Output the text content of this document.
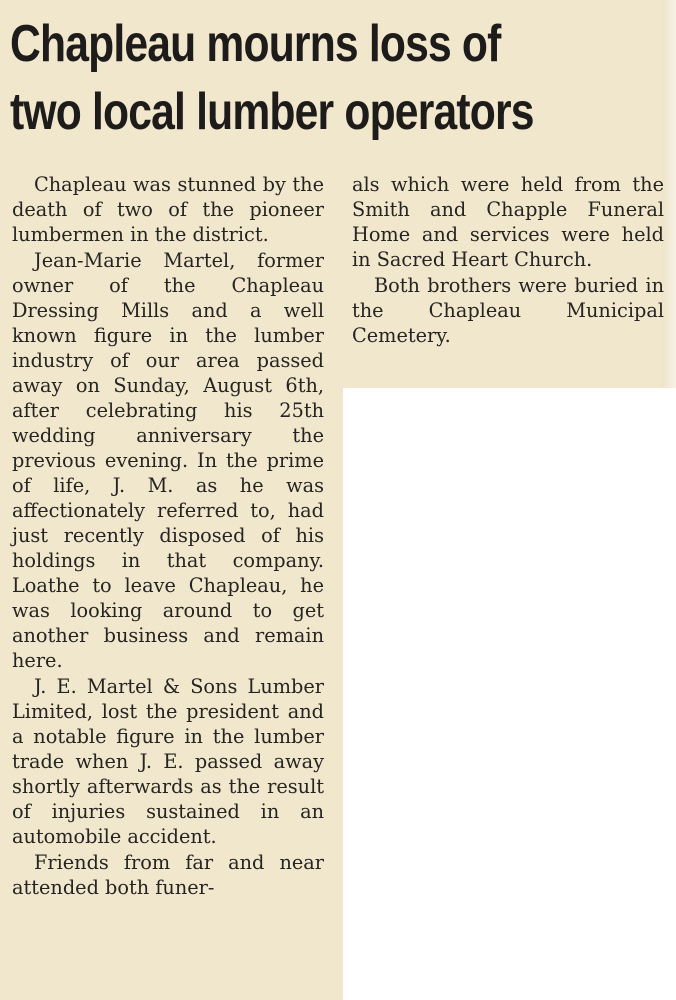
Chapleau mourns loss of
two local lumber operators

Chapleau was stunned by the death of two of the pioneer lumbermen in the district.

Jean-Marie Martel, former owner of the Chapleau Dressing Mills and a well known figure in the lumber industry of our area passed away on Sunday, August 6th, after celebrating his 25th wedding anniversary the previous evening. In the prime of life, J. M. as he was affectionately referred to, had just recently disposed of his holdings in that company. Loathe to leave Chapleau, he was looking around to get another business and remain here.

J. E. Martel & Sons Lumber Limited, lost the president and a notable figure in the lumber trade when J. E. passed away shortly afterwards as the result of injuries sustained in an automobile accident.

Friends from far and near attended both funer-

als which were held from the Smith and Chapple Funeral Home and services were held in Sacred Heart Church.

Both brothers were buried in the Chapleau Municipal Cemetery.
